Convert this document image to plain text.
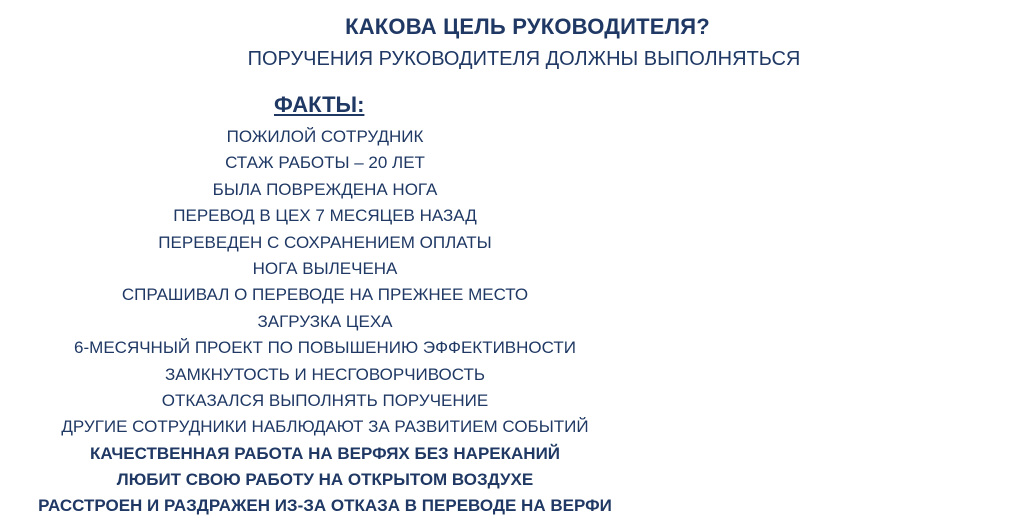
КАКОВА ЦЕЛЬ РУКОВОДИТЕЛЯ?
ПОРУЧЕНИЯ РУКОВОДИТЕЛЯ ДОЛЖНЫ ВЫПОЛНЯТЬСЯ
ФАКТЫ:
ПОЖИЛОЙ СОТРУДНИК
СТАЖ РАБОТЫ – 20 ЛЕТ
БЫЛА ПОВРЕЖДЕНА НОГА
ПЕРЕВОД В ЦЕХ 7 МЕСЯЦЕВ НАЗАД
ПЕРЕВЕДЕН С СОХРАНЕНИЕМ ОПЛАТЫ
НОГА ВЫЛЕЧЕНА
СПРАШИВАЛ О ПЕРЕВОДЕ НА ПРЕЖНЕЕ МЕСТО
ЗАГРУЗКА ЦЕХА
6-МЕСЯЧНЫЙ ПРОЕКТ ПО ПОВЫШЕНИЮ ЭФФЕКТИВНОСТИ
ЗАМКНУТОСТЬ И НЕСГОВОРЧИВОСТЬ
ОТКАЗАЛСЯ ВЫПОЛНЯТЬ ПОРУЧЕНИЕ
ДРУГИЕ СОТРУДНИКИ НАБЛЮДАЮТ ЗА РАЗВИТИЕМ СОБЫТИЙ
КАЧЕСТВЕННАЯ РАБОТА НА ВЕРФЯХ БЕЗ НАРЕКАНИЙ
ЛЮБИТ СВОЮ РАБОТУ НА ОТКРЫТОМ ВОЗДУХЕ
РАССТРОЕН И РАЗДРАЖЕН ИЗ-ЗА ОТКАЗА В ПЕРЕВОДЕ НА ВЕРФИ
